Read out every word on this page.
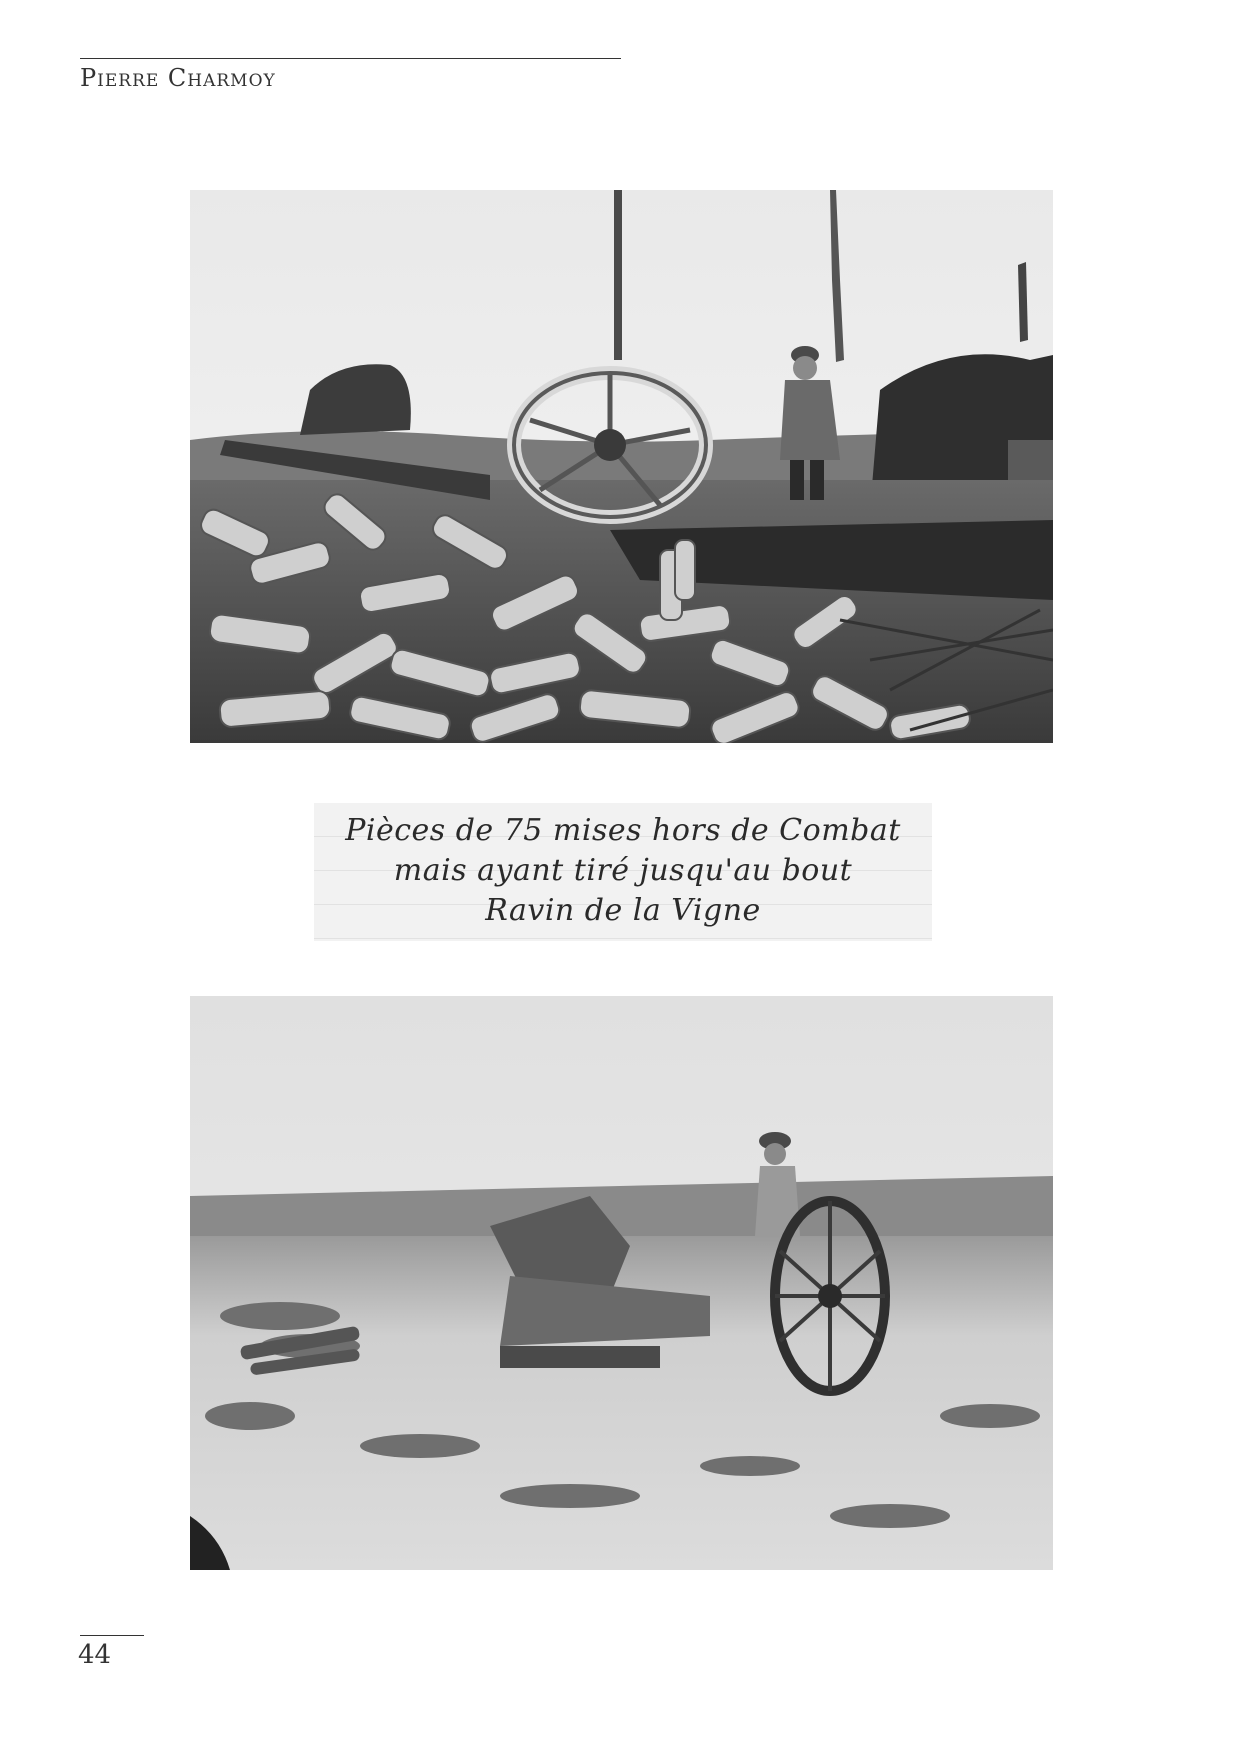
Pierre Charmoy
Pièces de 75 mises hors de Combat
mais ayant tiré jusqu'au bout
Ravin de la Vigne
44
